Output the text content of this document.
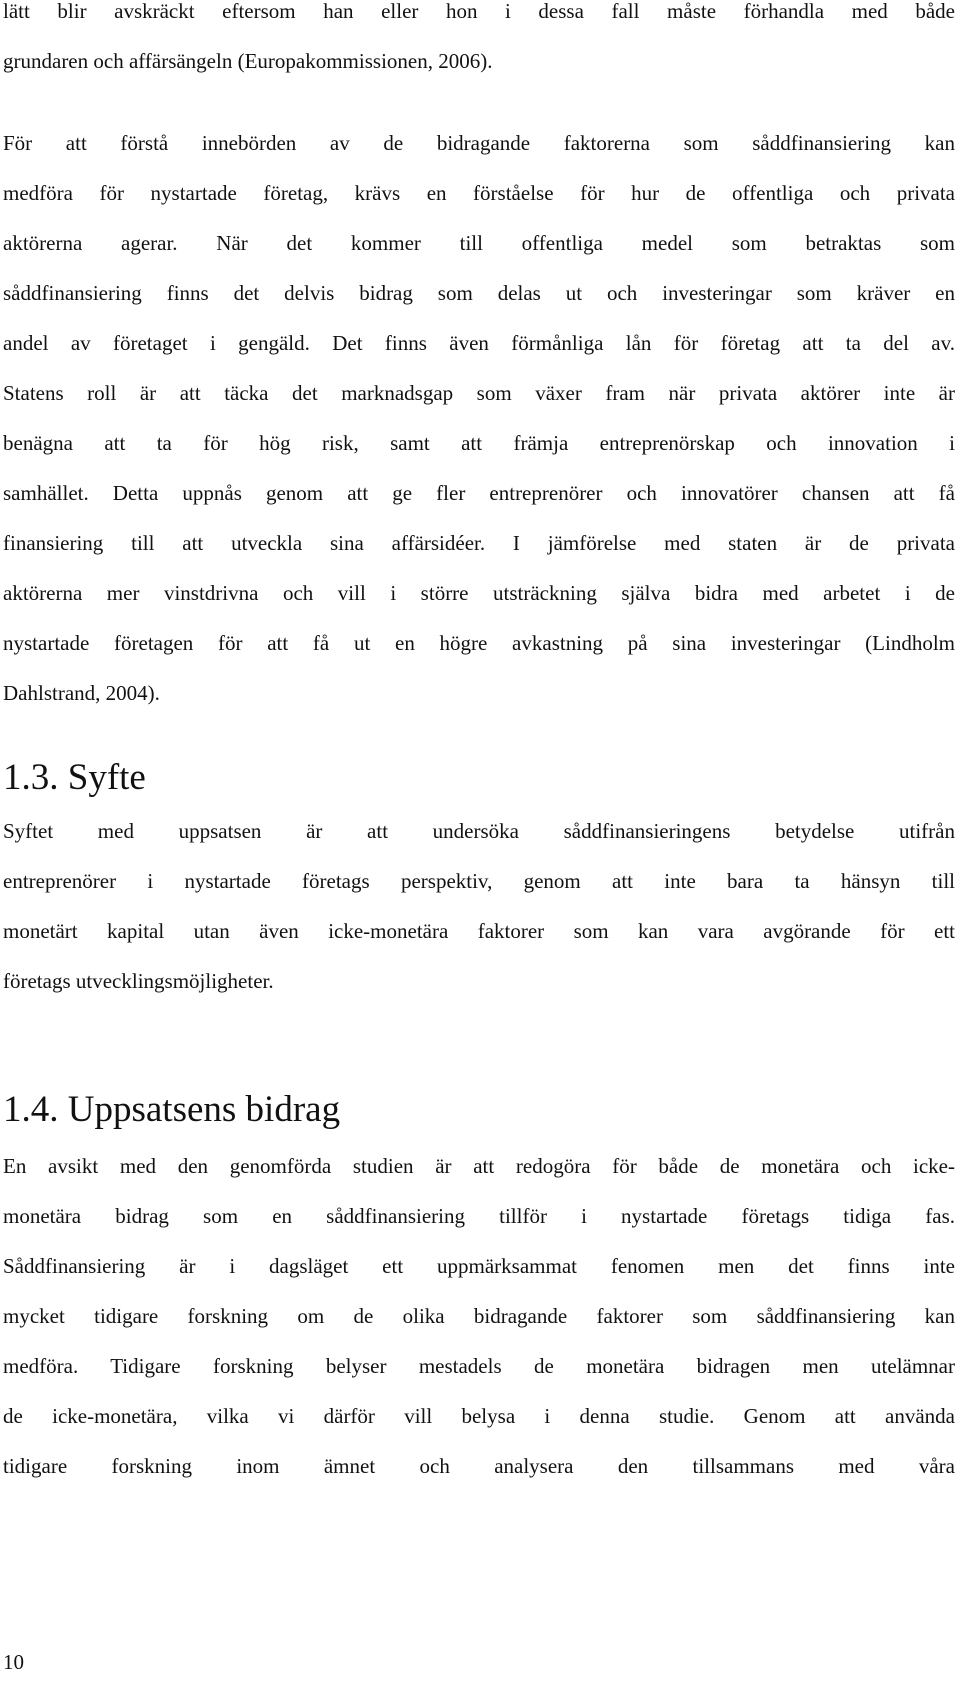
lätt blir avskräckt eftersom han eller hon i dessa fall måste förhandla med både
grundaren och affärsängeln (Europakommissionen, 2006).
För att förstå innebörden av de bidragande faktorerna som såddfinansiering kan
medföra för nystartade företag, krävs en förståelse för hur de offentliga och privata
aktörerna agerar. När det kommer till offentliga medel som betraktas som
såddfinansiering finns det delvis bidrag som delas ut och investeringar som kräver en
andel av företaget i gengäld. Det finns även förmånliga lån för företag att ta del av.
Statens roll är att täcka det marknadsgap som växer fram när privata aktörer inte är
benägna att ta för hög risk, samt att främja entreprenörskap och innovation i
samhället. Detta uppnås genom att ge fler entreprenörer och innovatörer chansen att få
finansiering till att utveckla sina affärsidéer. I jämförelse med staten är de privata
aktörerna mer vinstdrivna och vill i större utsträckning själva bidra med arbetet i de
nystartade företagen för att få ut en högre avkastning på sina investeringar (Lindholm
Dahlstrand, 2004).
1.3. Syfte
Syftet med uppsatsen är att undersöka såddfinansieringens betydelse utifrån
entreprenörer i nystartade företags perspektiv, genom att inte bara ta hänsyn till
monetärt kapital utan även icke-monetära faktorer som kan vara avgörande för ett
företags utvecklingsmöjligheter.
1.4. Uppsatsens bidrag
En avsikt med den genomförda studien är att redogöra för både de monetära och icke-
monetära bidrag som en såddfinansiering tillför i nystartade företags tidiga fas.
Såddfinansiering är i dagsläget ett uppmärksammat fenomen men det finns inte
mycket tidigare forskning om de olika bidragande faktorer som såddfinansiering kan
medföra. Tidigare forskning belyser mestadels de monetära bidragen men utelämnar
de icke-monetära, vilka vi därför vill belysa i denna studie. Genom att använda
tidigare forskning inom ämnet och analysera den tillsammans med våra
10
